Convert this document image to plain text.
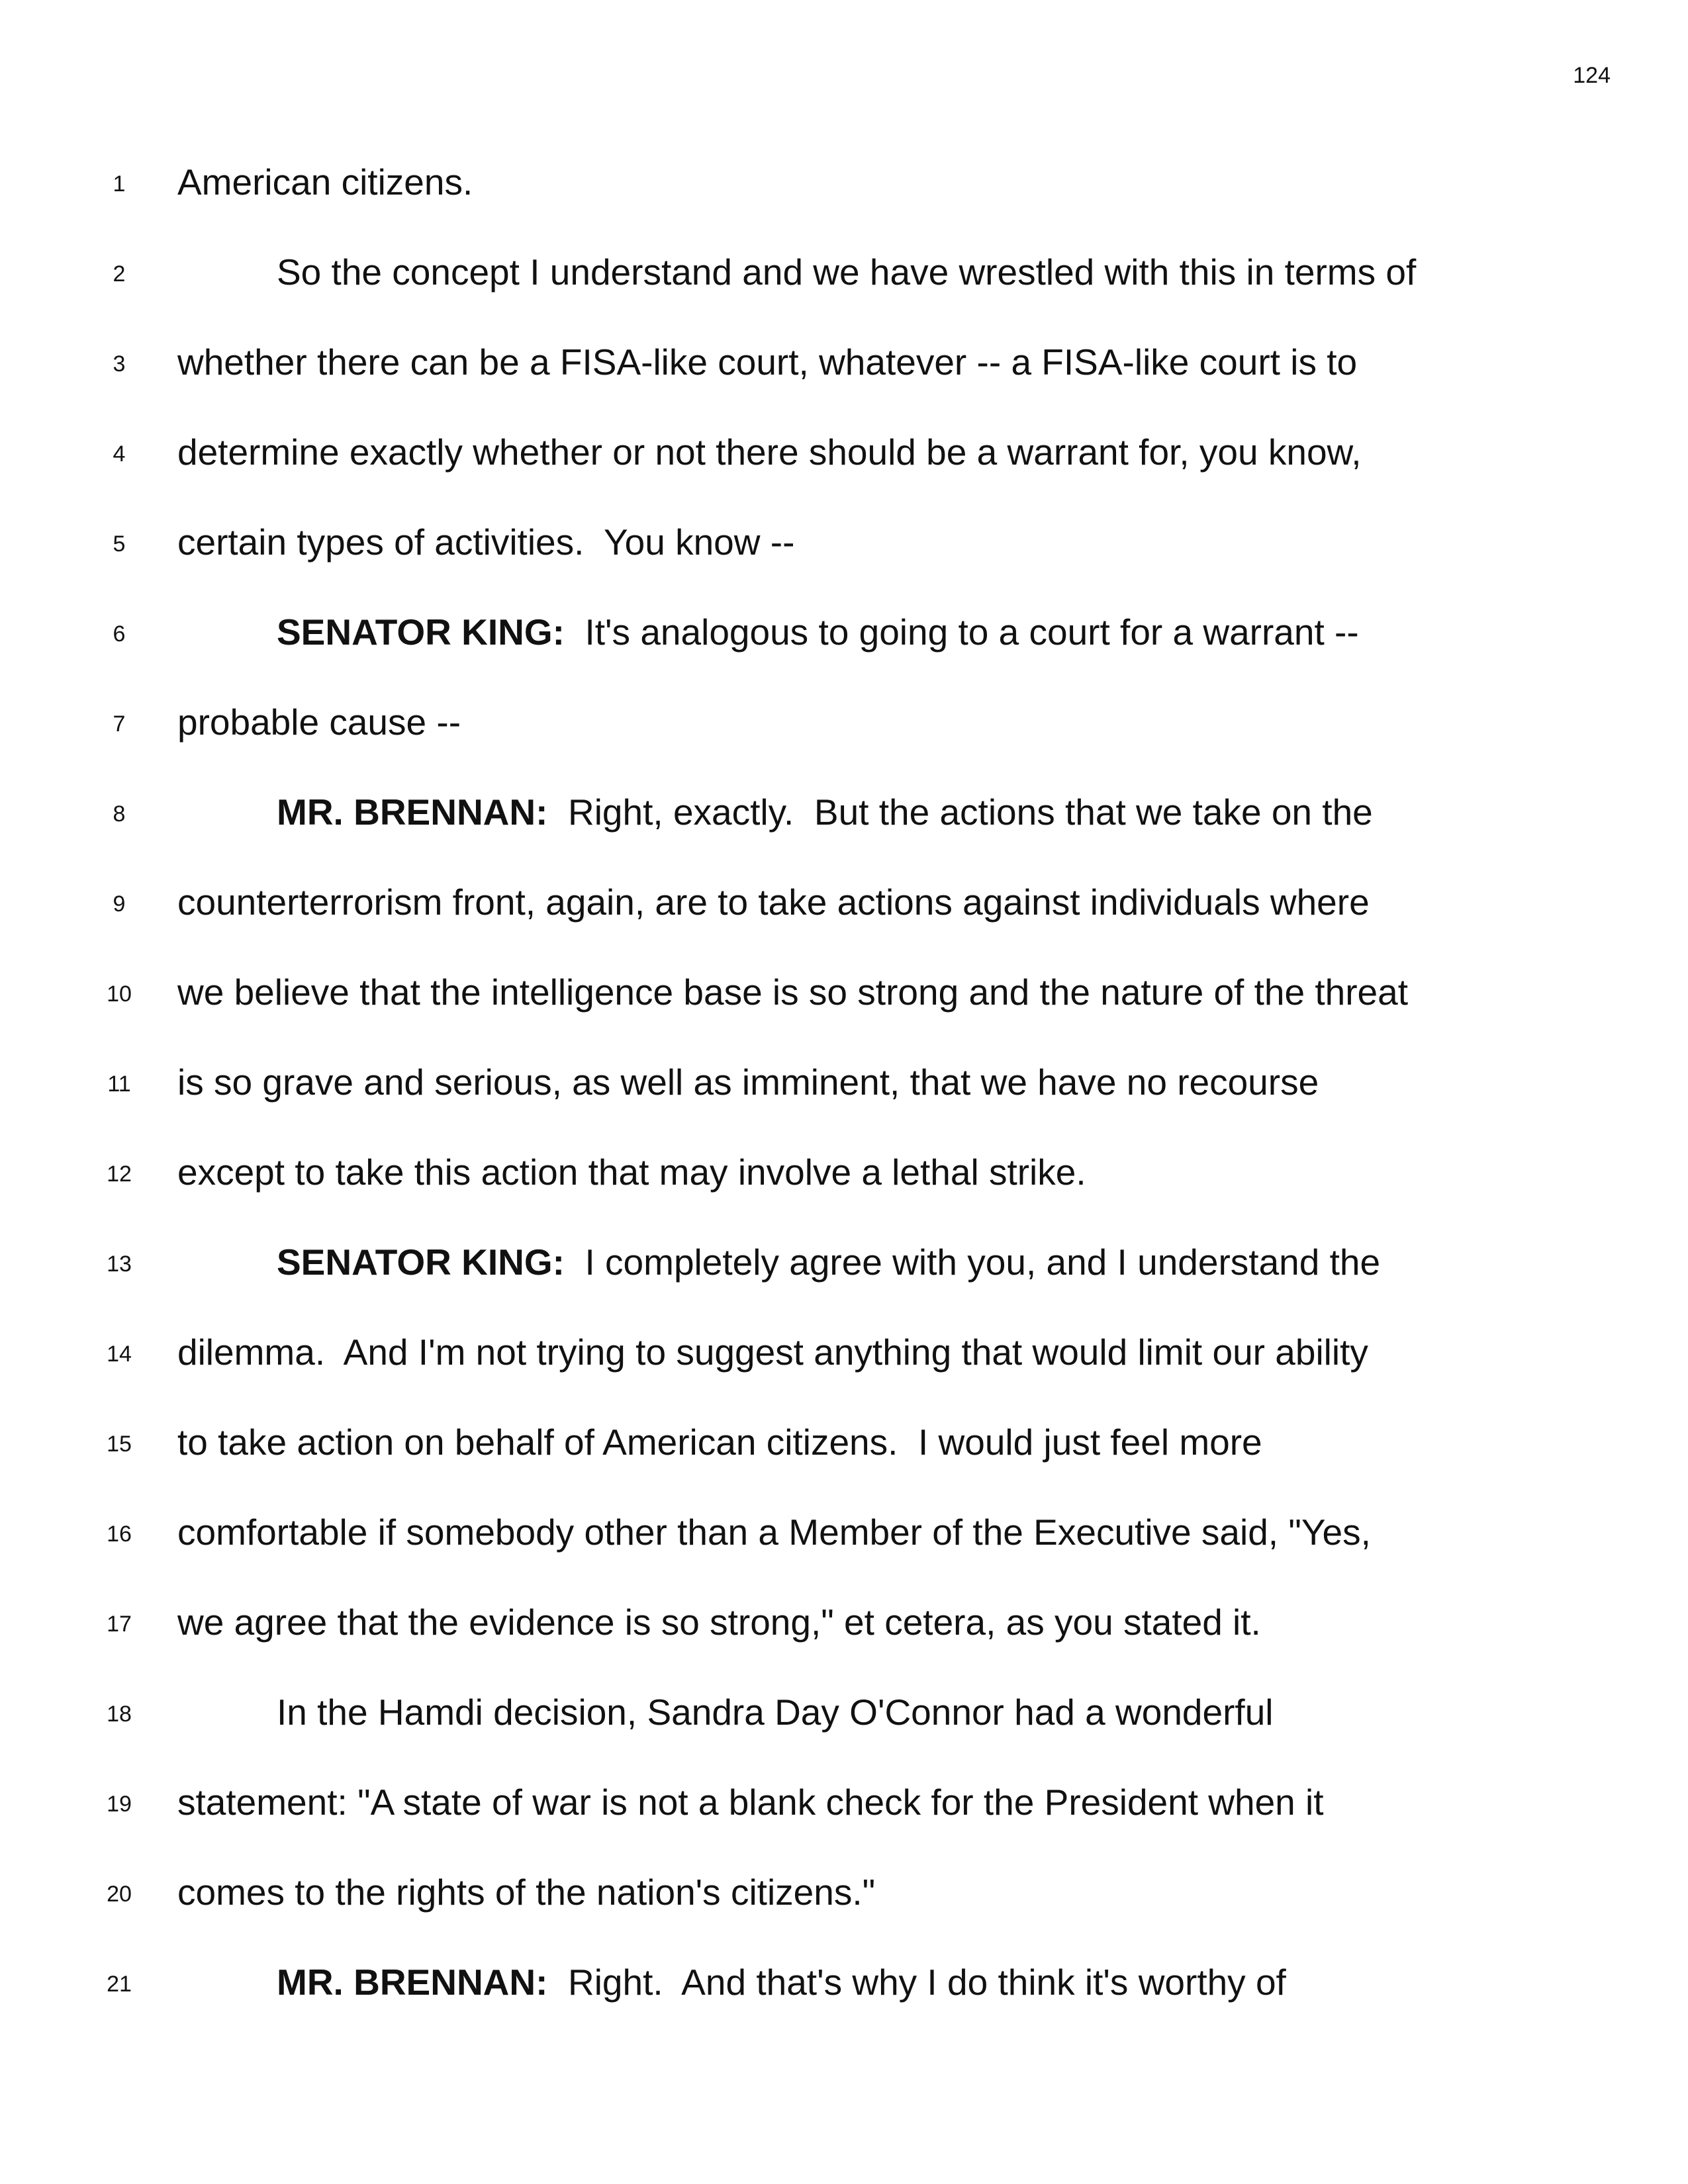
124
1	American citizens.
2	So the concept I understand and we have wrestled with this in terms of
3	whether there can be a FISA-like court, whatever -- a FISA-like court is to
4	determine exactly whether or not there should be a warrant for, you know,
5	certain types of activities.  You know --
6	SENATOR KING:  It's analogous to going to a court for a warrant --
7	probable cause --
8	MR. BRENNAN:  Right, exactly.  But the actions that we take on the
9	counterterrorism front, again, are to take actions against individuals where
10 we believe that the intelligence base is so strong and the nature of the threat
11 is so grave and serious, as well as imminent, that we have no recourse
12 except to take this action that may involve a lethal strike.
13	SENATOR KING:  I completely agree with you, and I understand the
14 dilemma.  And I'm not trying to suggest anything that would limit our ability
15 to take action on behalf of American citizens.  I would just feel more
16 comfortable if somebody other than a Member of the Executive said, "Yes,
17 we agree that the evidence is so strong," et cetera, as you stated it.
18	In the Hamdi decision, Sandra Day O'Connor had a wonderful
19 statement: "A state of war is not a blank check for the President when it
20 comes to the rights of the nation's citizens."
21	MR. BRENNAN:  Right.  And that's why I do think it's worthy of
